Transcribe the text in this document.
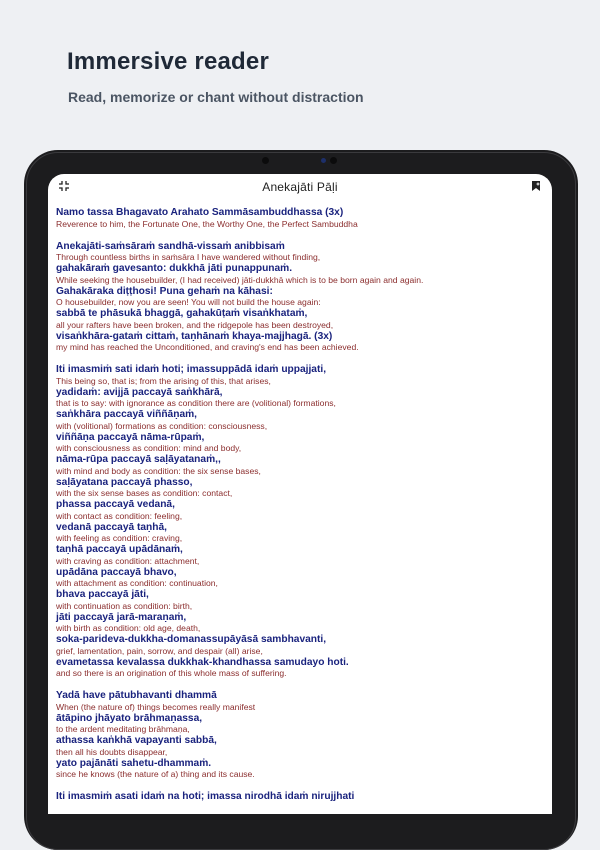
Immersive reader
Read, memorize or chant without distraction
Anekajāti Pāḷi
Namo tassa Bhagavato Arahato Sammāsambuddhassa (3x)
Reverence to him, the Fortunate One, the Worthy One, the Perfect Sambuddha
Anekajāti-saṁsāraṁ sandhā-vissaṁ anibbisaṁ
Through countless births in saṁsāra I have wandered without finding,
gahakāraṁ gavesanto: dukkhā jāti punappunaṁ.
While seeking the housebuilder, (I had received) jāti-dukkhā which is to be born again and again.
Gahakāraka diṭṭhosi! Puna gehaṁ na kāhasi:
O housebuilder, now you are seen! You will not build the house again:
sabbā te phāsukā bhaggā, gahakūṭaṁ visaṅkhataṁ,
all your rafters have been broken, and the ridgepole has been destroyed,
visaṅkhāra-gataṁ cittaṁ, taṇhānaṁ khaya-majjhagā. (3x)
my mind has reached the Unconditioned, and craving's end has been achieved.
Iti imasmiṁ sati idaṁ hoti; imassuppādā idaṁ uppajjati,
This being so, that is; from the arising of this, that arises,
yadidaṁ: avijjā paccayā saṅkhārā,
that is to say: with ignorance as condition there are (volitional) formations,
saṅkhāra paccayā viññāṇaṁ,
with (volitional) formations as condition: consciousness,
viññāṇa paccayā nāma-rūpaṁ,
with consciousness as condition: mind and body,
nāma-rūpa paccayā saḷāyatanaṁ,,
with mind and body as condition: the six sense bases,
saḷāyatana paccayā phasso,
with the six sense bases as condition: contact,
phassa paccayā vedanā,
with contact as condition: feeling,
vedanā paccayā taṇhā,
with feeling as condition: craving,
taṇhā paccayā upādānaṁ,
with craving as condition: attachment,
upādāna paccayā bhavo,
with attachment as condition: continuation,
bhava paccayā jāti,
with continuation as condition: birth,
jāti paccayā jarā-maraṇaṁ,
with birth as condition: old age, death,
soka-parideva-dukkha-domanassupāyāsā sambhavanti,
grief, lamentation, pain, sorrow, and despair (all) arise,
evametassa kevalassa dukkhak-khandhassa samudayo hoti.
and so there is an origination of this whole mass of suffering.
Yadā have pātubhavanti dhammā
When (the nature of) things becomes really manifest
ātāpino jhāyato brāhmaṇassa,
to the ardent meditating brāhmaṇa,
athassa kaṅkhā vapayanti sabbā,
then all his doubts disappear,
yato pajānāti sahetu-dhammaṁ.
since he knows (the nature of a) thing and its cause.
Iti imasmiṁ asati idaṁ na hoti; imassa nirodhā idaṁ nirujjhati
